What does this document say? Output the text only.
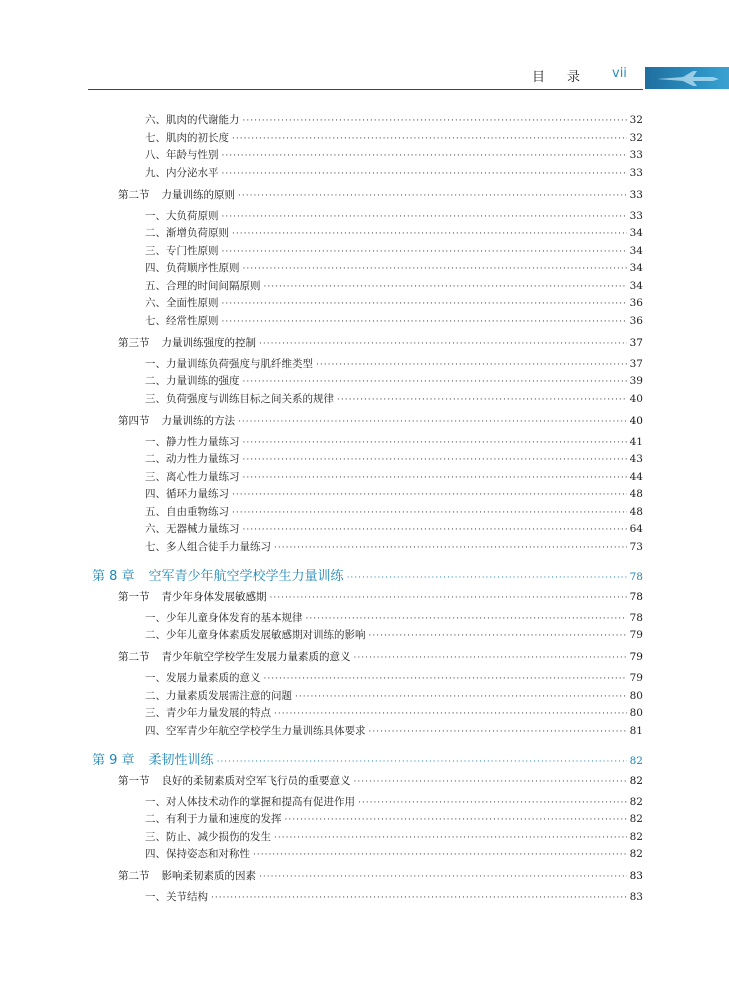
目 录 vii
六、肌肉的代谢能力 ·····	32
七、肌肉的初长度 ·····	32
八、年龄与性别 ·····	33
九、内分泌水平 ·····	33
第二节 力量训练的原则 ·····	33
一、大负荷原则 ·····	33
二、渐增负荷原则 ·····	34
三、专门性原则 ·····	34
四、负荷顺序性原则 ·····	34
五、合理的时间间隔原则 ·····	34
六、全面性原则 ·····	36
七、经常性原则 ·····	36
第三节 力量训练强度的控制 ·····	37
一、力量训练负荷强度与肌纤维类型 ·····	37
二、力量训练的强度 ·····	39
三、负荷强度与训练目标之间关系的规律 ·····	40
第四节 力量训练的方法 ·····	40
一、静力性力量练习 ·····	41
二、动力性力量练习 ·····	43
三、离心性力量练习 ·····	44
四、循环力量练习 ·····	48
五、自由重物练习 ·····	48
六、无器械力量练习 ·····	64
七、多人组合徒手力量练习 ·····	73
第 8 章 空军青少年航空学校学生力量训练 ·····	78
第一节 青少年身体发展敏感期 ·····	78
一、少年儿童身体发育的基本规律 ·····	78
二、少年儿童身体素质发展敏感期对训练的影响 ·····	79
第二节 青少年航空学校学生发展力量素质的意义 ·····	79
一、发展力量素质的意义 ·····	79
二、力量素质发展需注意的问题 ·····	80
三、青少年力量发展的特点 ·····	80
四、空军青少年航空学校学生力量训练具体要求 ·····	81
第 9 章 柔韧性训练 ·····	82
第一节 良好的柔韧素质对空军飞行员的重要意义 ·····	82
一、对人体技术动作的掌握和提高有促进作用 ·····	82
二、有利于力量和速度的发挥 ·····	82
三、防止、减少损伤的发生 ·····	82
四、保持姿态和对称性 ·····	82
第二节 影响柔韧素质的因素 ·····	83
一、关节结构 ·····	83
